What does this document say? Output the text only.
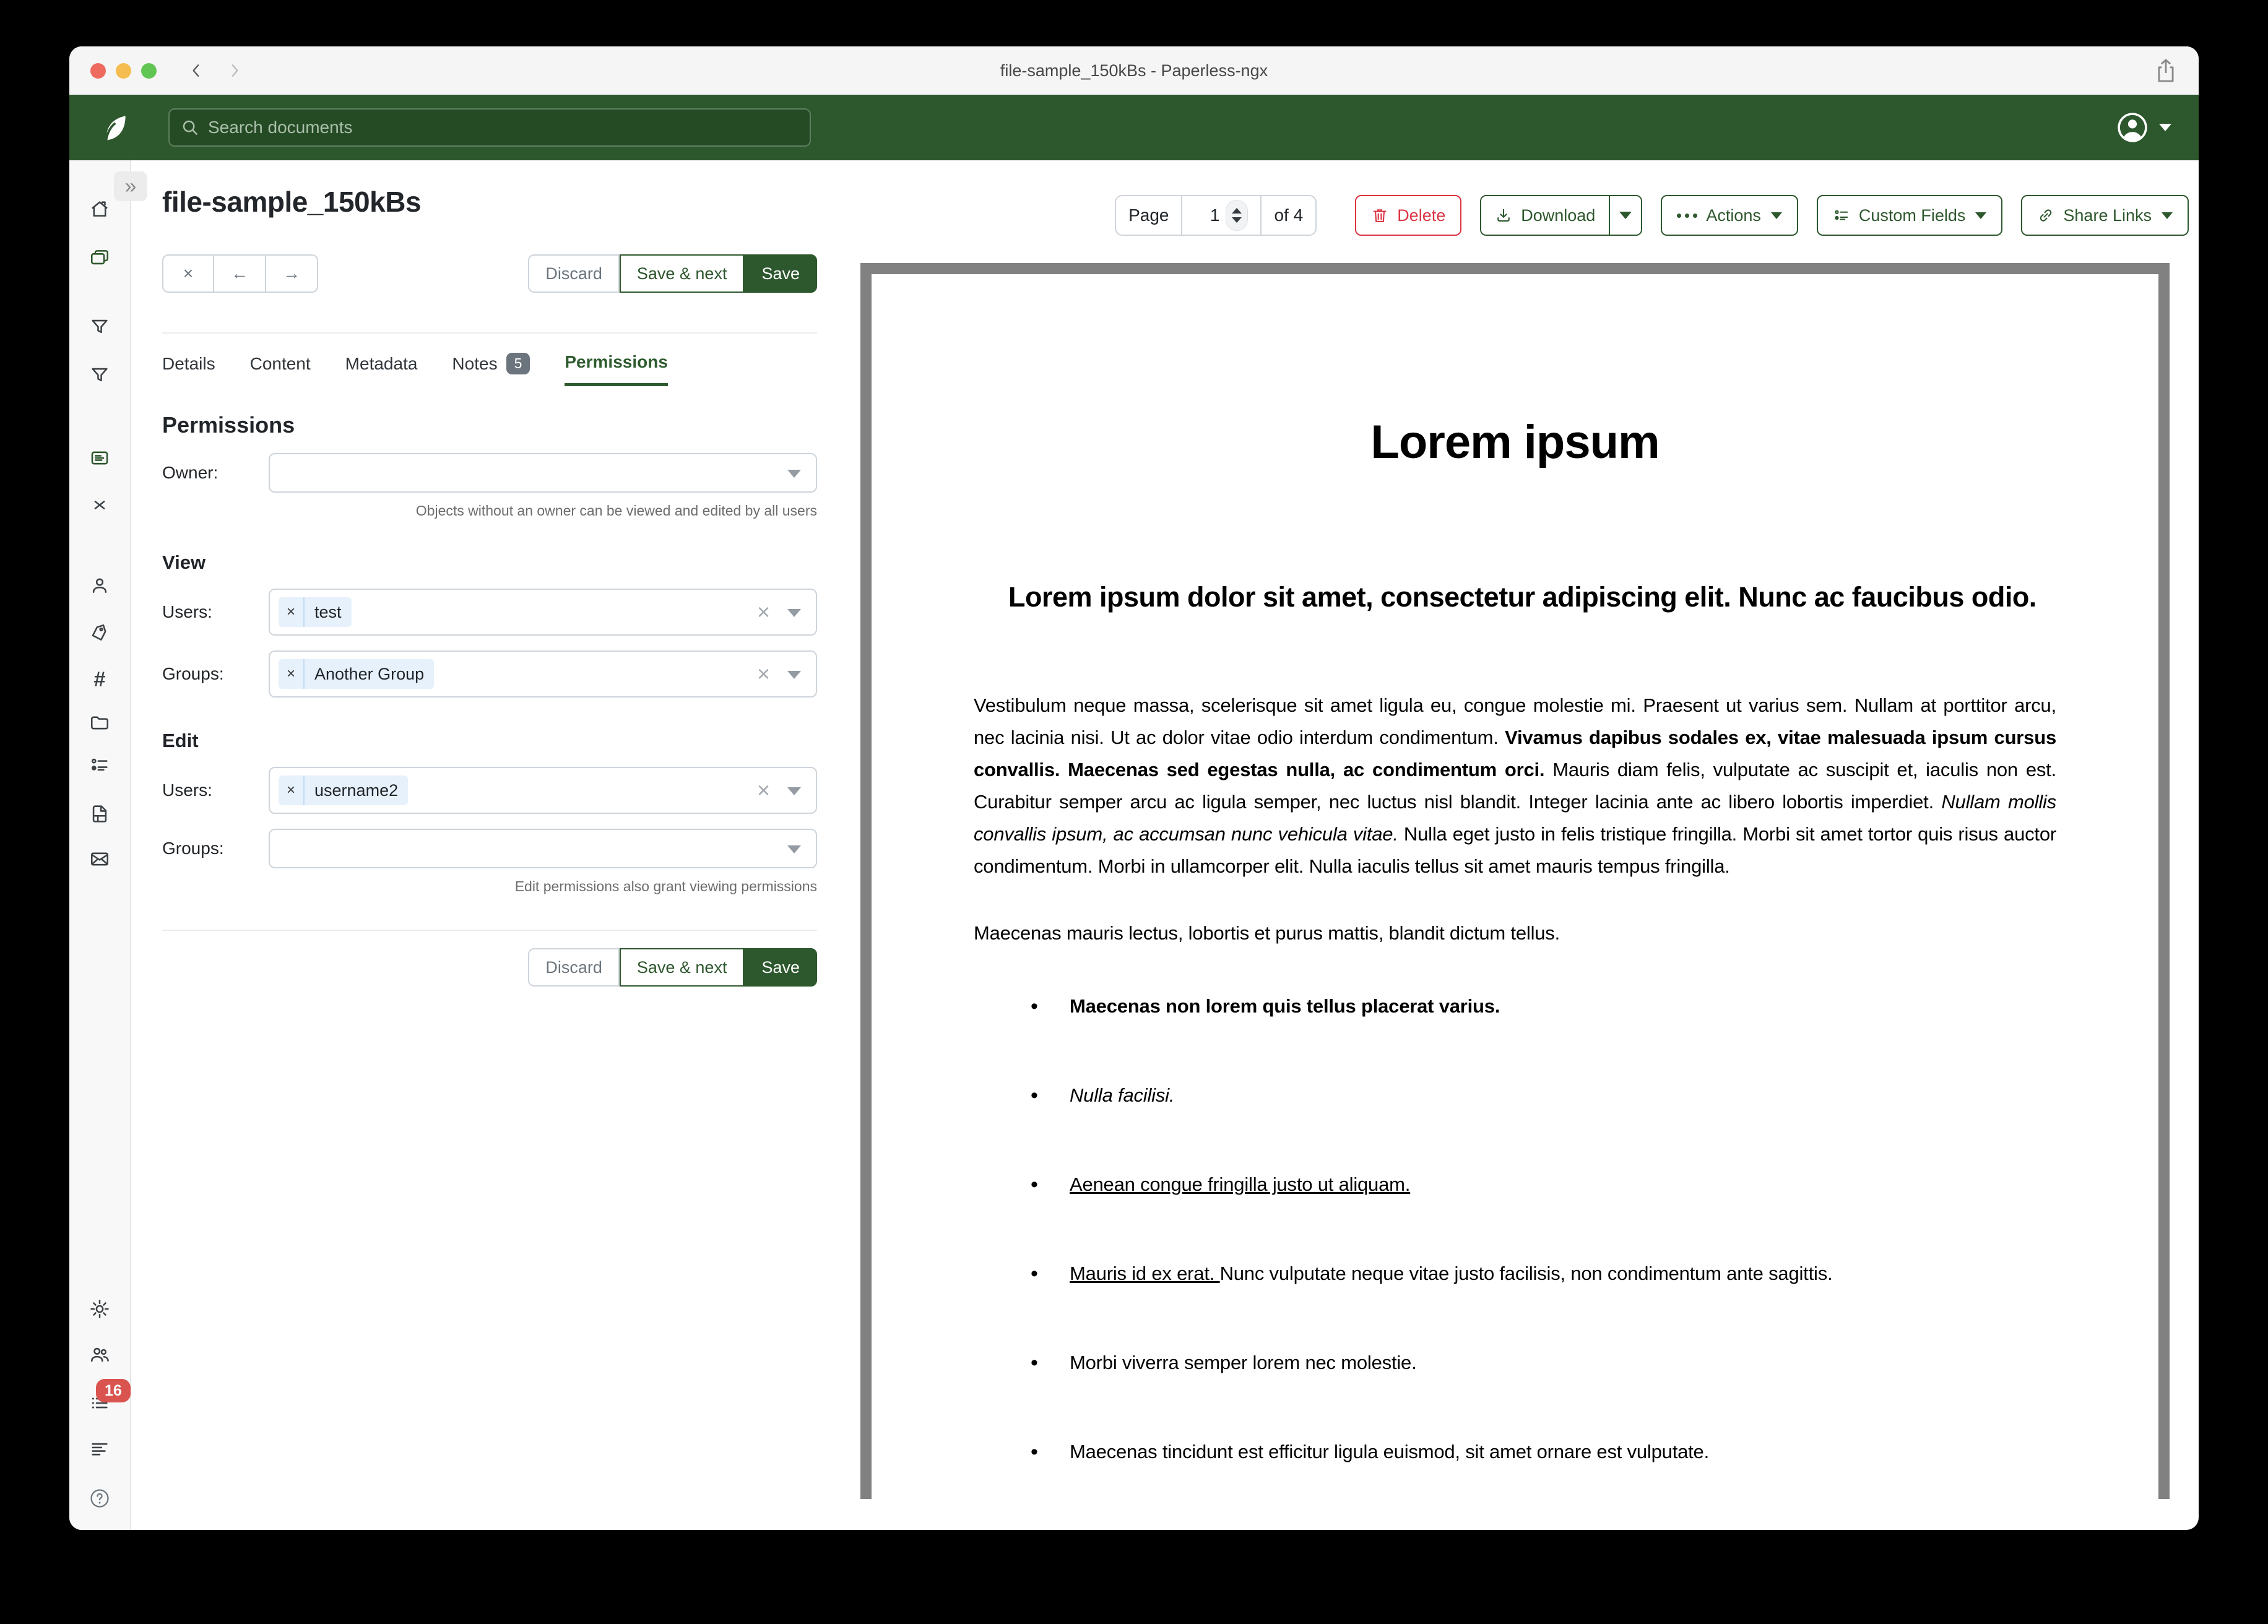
file-sample_150kBs - Paperless-ngx
Search documents
»
#
16
file-sample_150kBs
×	←	→	Discard	Save & next	Save
Details Content Metadata Notes	5	Permissions
Permissions
Owner:
Objects without an owner can be viewed and edited by all users
View
Users:	×	test	×
Groups:	×	Another Group	×
Edit
Users:	×	username2	×
Groups:
Edit permissions also grant viewing permissions
Discard	Save & next	Save
Page
1	of 4	Delete	Download	Actions	Custom Fields	Share Links
Lorem ipsum
Lorem ipsum dolor sit amet, consectetur adipiscing elit. Nunc ac faucibus odio.

Vestibulum neque massa, scelerisque sit amet ligula eu, congue molestie mi. Praesent ut varius sem. Nullam at porttitor arcu, nec lacinia nisi. Ut ac dolor vitae odio interdum condimentum. Vivamus dapibus sodales ex, vitae malesuada ipsum cursus convallis. Maecenas sed egestas nulla, ac condimentum orci. Mauris diam felis, vulputate ac suscipit et, iaculis non est. Curabitur semper arcu ac ligula semper, nec luctus nisl blandit. Integer lacinia ante ac libero lobortis imperdiet. Nullam mollis convallis ipsum, ac accumsan nunc vehicula vitae. Nulla eget justo in felis tristique fringilla. Morbi sit amet tortor quis risus auctor condimentum. Morbi in ullamcorper elit. Nulla iaculis tellus sit amet mauris tempus fringilla.

Maecenas mauris lectus, lobortis et purus mattis, blandit dictum tellus.

• Maecenas non lorem quis tellus placerat varius.
• Nulla facilisi.
• Aenean congue fringilla justo ut aliquam.
• Mauris id ex erat. Nunc vulputate neque vitae justo facilisis, non condimentum ante sagittis.
• Morbi viverra semper lorem nec molestie.
• Maecenas tincidunt est efficitur ligula euismod, sit amet ornare est vulputate.
